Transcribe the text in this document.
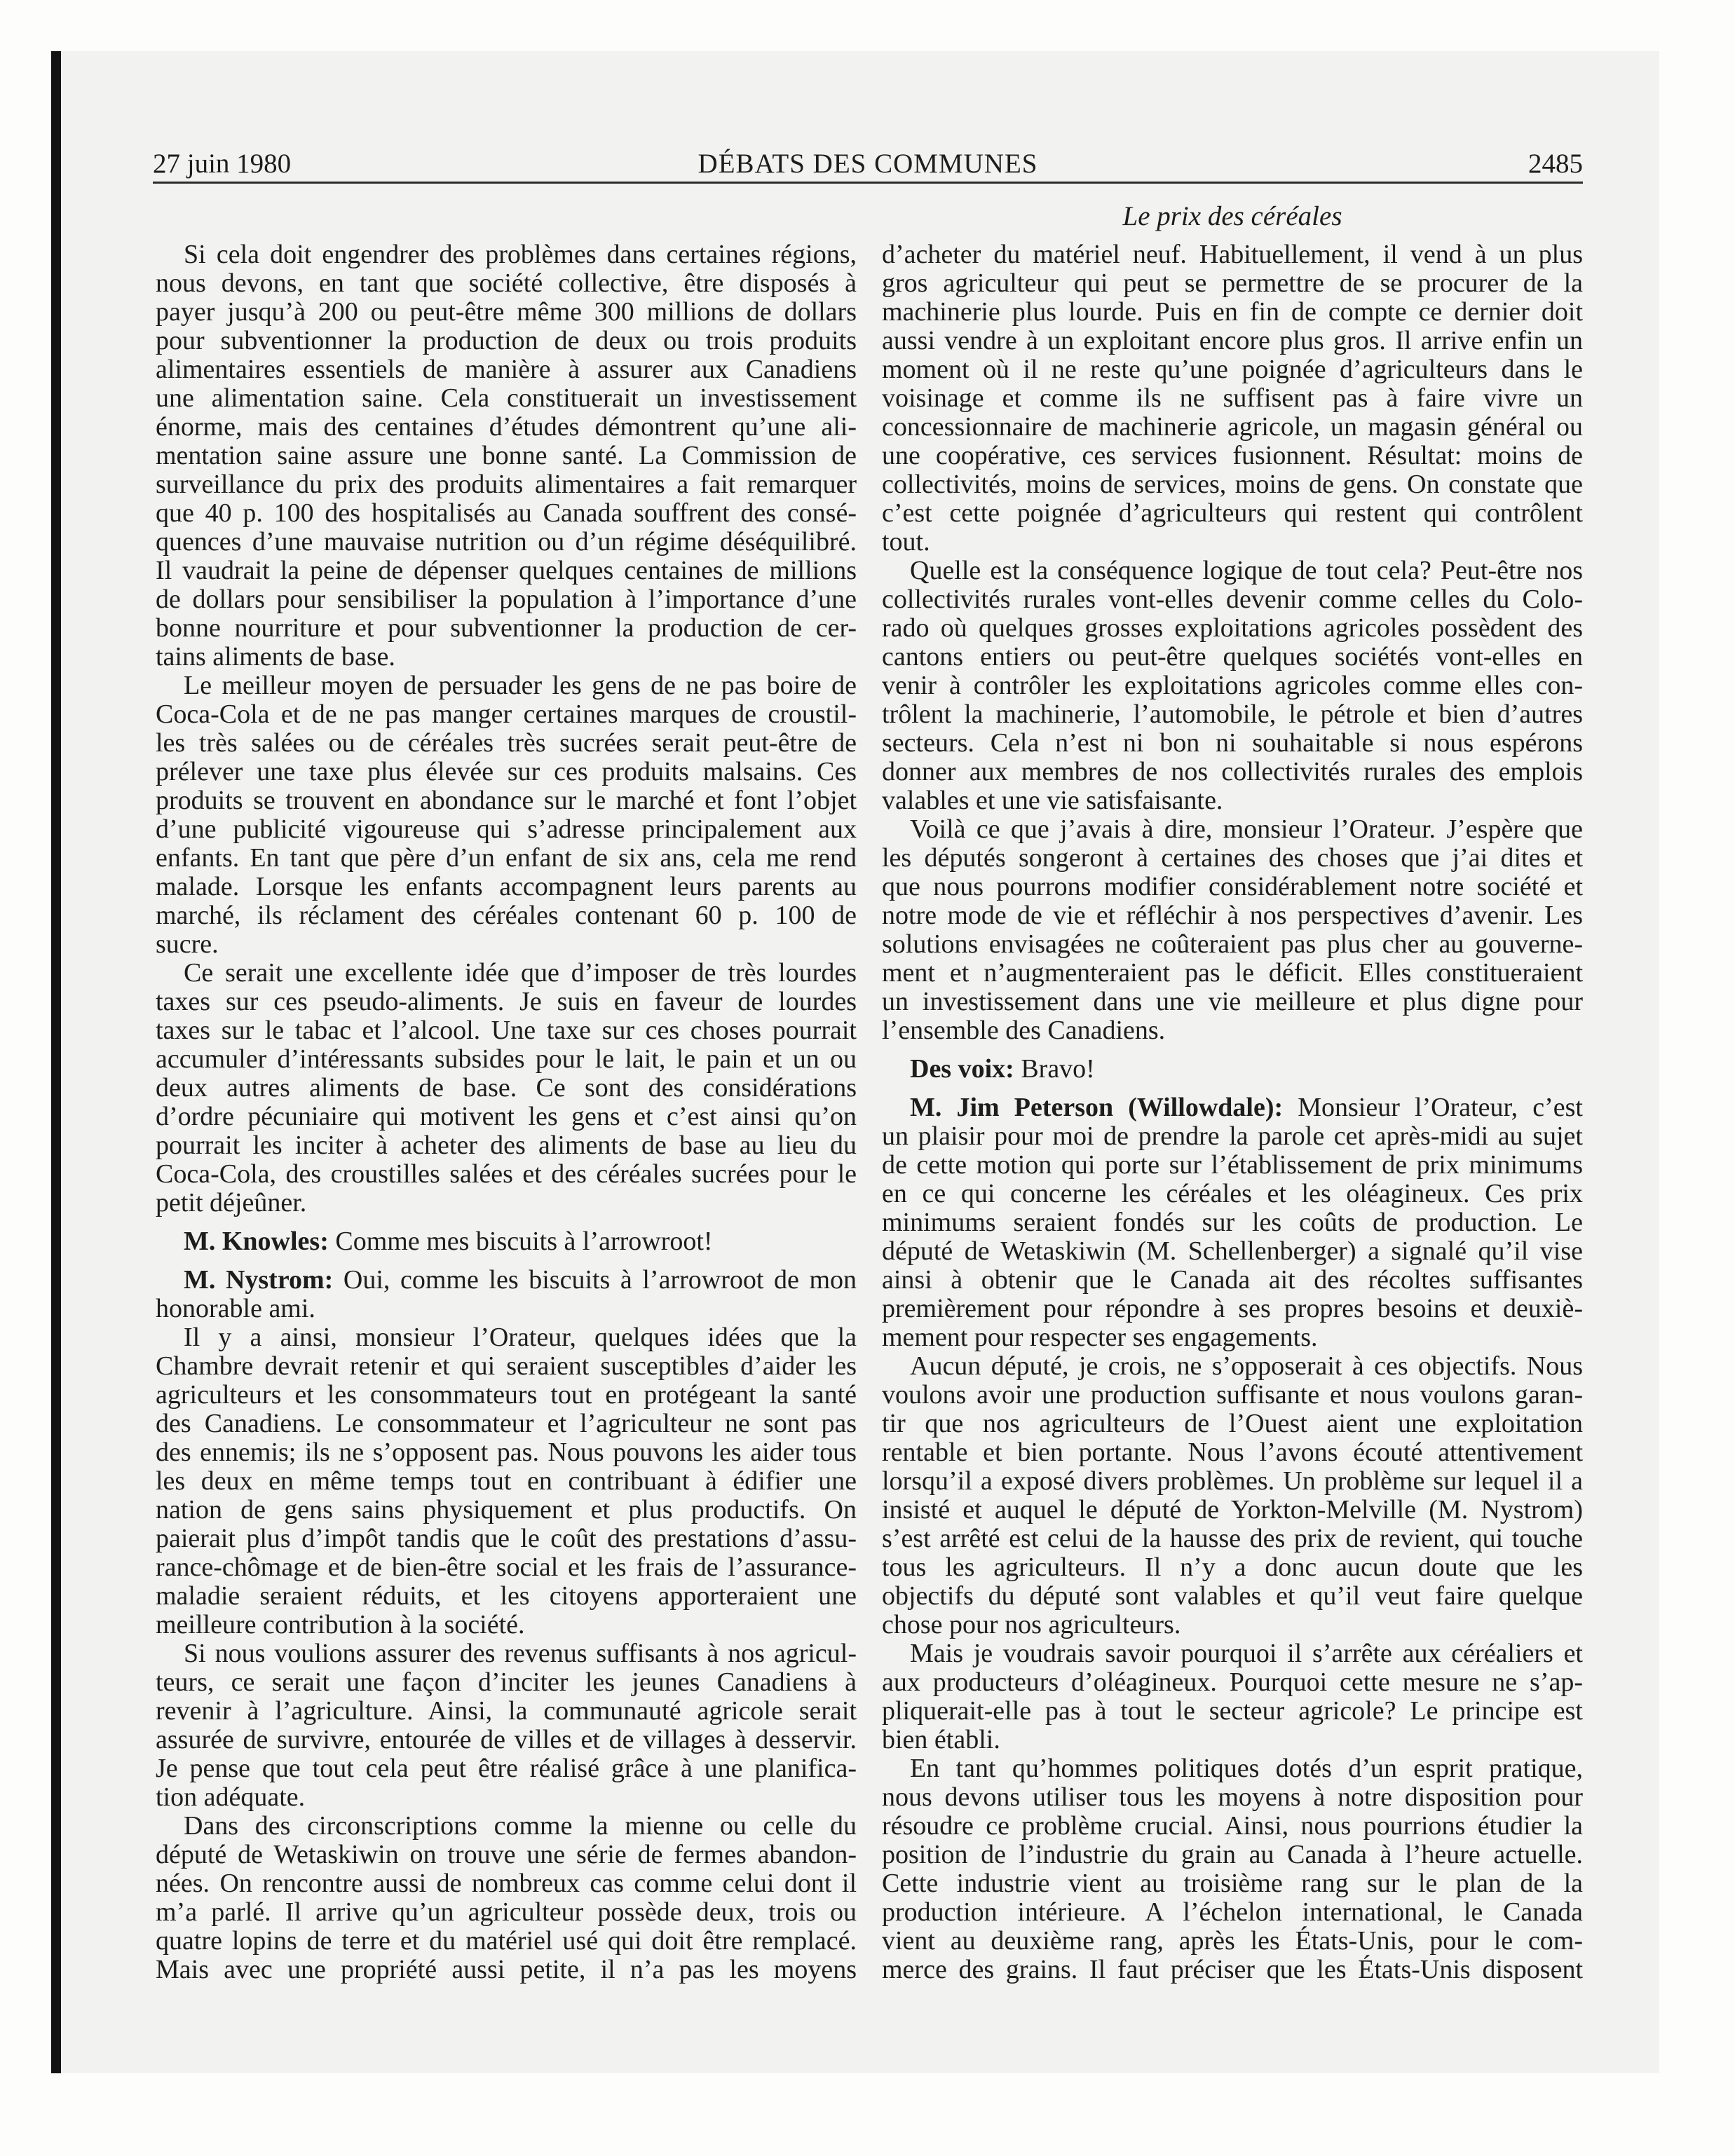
27 juin 1980	DÉBATS DES COMMUNES	2485
Le prix des céréales
Si cela doit engendrer des problèmes dans certaines régions,
nous devons, en tant que société collective, être disposés à
payer jusqu’à 200 ou peut-être même 300 millions de dollars
pour subventionner la production de deux ou trois produits
alimentaires essentiels de manière à assurer aux Canadiens
une alimentation saine. Cela constituerait un investissement
énorme, mais des centaines d’études démontrent qu’une ali-
mentation saine assure une bonne santé. La Commission de
surveillance du prix des produits alimentaires a fait remarquer
que 40 p. 100 des hospitalisés au Canada souffrent des consé-
quences d’une mauvaise nutrition ou d’un régime déséquilibré.
Il vaudrait la peine de dépenser quelques centaines de millions
de dollars pour sensibiliser la population à l’importance d’une
bonne nourriture et pour subventionner la production de cer-
tains aliments de base.
Le meilleur moyen de persuader les gens de ne pas boire de
Coca-Cola et de ne pas manger certaines marques de croustil-
les très salées ou de céréales très sucrées serait peut-être de
prélever une taxe plus élevée sur ces produits malsains. Ces
produits se trouvent en abondance sur le marché et font l’objet
d’une publicité vigoureuse qui s’adresse principalement aux
enfants. En tant que père d’un enfant de six ans, cela me rend
malade. Lorsque les enfants accompagnent leurs parents au
marché, ils réclament des céréales contenant 60 p. 100 de
sucre.
Ce serait une excellente idée que d’imposer de très lourdes
taxes sur ces pseudo-aliments. Je suis en faveur de lourdes
taxes sur le tabac et l’alcool. Une taxe sur ces choses pourrait
accumuler d’intéressants subsides pour le lait, le pain et un ou
deux autres aliments de base. Ce sont des considérations
d’ordre pécuniaire qui motivent les gens et c’est ainsi qu’on
pourrait les inciter à acheter des aliments de base au lieu du
Coca-Cola, des croustilles salées et des céréales sucrées pour le
petit déjeûner.
M. Knowles: Comme mes biscuits à l’arrowroot!
M. Nystrom: Oui, comme les biscuits à l’arrowroot de mon
honorable ami.
Il y a ainsi, monsieur l’Orateur, quelques idées que la
Chambre devrait retenir et qui seraient susceptibles d’aider les
agriculteurs et les consommateurs tout en protégeant la santé
des Canadiens. Le consommateur et l’agriculteur ne sont pas
des ennemis; ils ne s’opposent pas. Nous pouvons les aider tous
les deux en même temps tout en contribuant à édifier une
nation de gens sains physiquement et plus productifs. On
paierait plus d’impôt tandis que le coût des prestations d’assu-
rance-chômage et de bien-être social et les frais de l’assurance-
maladie seraient réduits, et les citoyens apporteraient une
meilleure contribution à la société.
Si nous voulions assurer des revenus suffisants à nos agricul-
teurs, ce serait une façon d’inciter les jeunes Canadiens à
revenir à l’agriculture. Ainsi, la communauté agricole serait
assurée de survivre, entourée de villes et de villages à desservir.
Je pense que tout cela peut être réalisé grâce à une planifica-
tion adéquate.
Dans des circonscriptions comme la mienne ou celle du
député de Wetaskiwin on trouve une série de fermes abandon-
nées. On rencontre aussi de nombreux cas comme celui dont il
m’a parlé. Il arrive qu’un agriculteur possède deux, trois ou
quatre lopins de terre et du matériel usé qui doit être remplacé.
Mais avec une propriété aussi petite, il n’a pas les moyens
d’acheter du matériel neuf. Habituellement, il vend à un plus
gros agriculteur qui peut se permettre de se procurer de la
machinerie plus lourde. Puis en fin de compte ce dernier doit
aussi vendre à un exploitant encore plus gros. Il arrive enfin un
moment où il ne reste qu’une poignée d’agriculteurs dans le
voisinage et comme ils ne suffisent pas à faire vivre un
concessionnaire de machinerie agricole, un magasin général ou
une coopérative, ces services fusionnent. Résultat: moins de
collectivités, moins de services, moins de gens. On constate que
c’est cette poignée d’agriculteurs qui restent qui contrôlent
tout.
Quelle est la conséquence logique de tout cela? Peut-être nos
collectivités rurales vont-elles devenir comme celles du Colo-
rado où quelques grosses exploitations agricoles possèdent des
cantons entiers ou peut-être quelques sociétés vont-elles en
venir à contrôler les exploitations agricoles comme elles con-
trôlent la machinerie, l’automobile, le pétrole et bien d’autres
secteurs. Cela n’est ni bon ni souhaitable si nous espérons
donner aux membres de nos collectivités rurales des emplois
valables et une vie satisfaisante.
Voilà ce que j’avais à dire, monsieur l’Orateur. J’espère que
les députés songeront à certaines des choses que j’ai dites et
que nous pourrons modifier considérablement notre société et
notre mode de vie et réfléchir à nos perspectives d’avenir. Les
solutions envisagées ne coûteraient pas plus cher au gouverne-
ment et n’augmenteraient pas le déficit. Elles constitueraient
un investissement dans une vie meilleure et plus digne pour
l’ensemble des Canadiens.
Des voix: Bravo!
M. Jim Peterson (Willowdale): Monsieur l’Orateur, c’est
un plaisir pour moi de prendre la parole cet après-midi au sujet
de cette motion qui porte sur l’établissement de prix minimums
en ce qui concerne les céréales et les oléagineux. Ces prix
minimums seraient fondés sur les coûts de production. Le
député de Wetaskiwin (M. Schellenberger) a signalé qu’il vise
ainsi à obtenir que le Canada ait des récoltes suffisantes
premièrement pour répondre à ses propres besoins et deuxiè-
mement pour respecter ses engagements.
Aucun député, je crois, ne s’opposerait à ces objectifs. Nous
voulons avoir une production suffisante et nous voulons garan-
tir que nos agriculteurs de l’Ouest aient une exploitation
rentable et bien portante. Nous l’avons écouté attentivement
lorsqu’il a exposé divers problèmes. Un problème sur lequel il a
insisté et auquel le député de Yorkton-Melville (M. Nystrom)
s’est arrêté est celui de la hausse des prix de revient, qui touche
tous les agriculteurs. Il n’y a donc aucun doute que les
objectifs du député sont valables et qu’il veut faire quelque
chose pour nos agriculteurs.
Mais je voudrais savoir pourquoi il s’arrête aux céréaliers et
aux producteurs d’oléagineux. Pourquoi cette mesure ne s’ap-
pliquerait-elle pas à tout le secteur agricole? Le principe est
bien établi.
En tant qu’hommes politiques dotés d’un esprit pratique,
nous devons utiliser tous les moyens à notre disposition pour
résoudre ce problème crucial. Ainsi, nous pourrions étudier la
position de l’industrie du grain au Canada à l’heure actuelle.
Cette industrie vient au troisième rang sur le plan de la
production intérieure. A l’échelon international, le Canada
vient au deuxième rang, après les États-Unis, pour le com-
merce des grains. Il faut préciser que les États-Unis disposent
